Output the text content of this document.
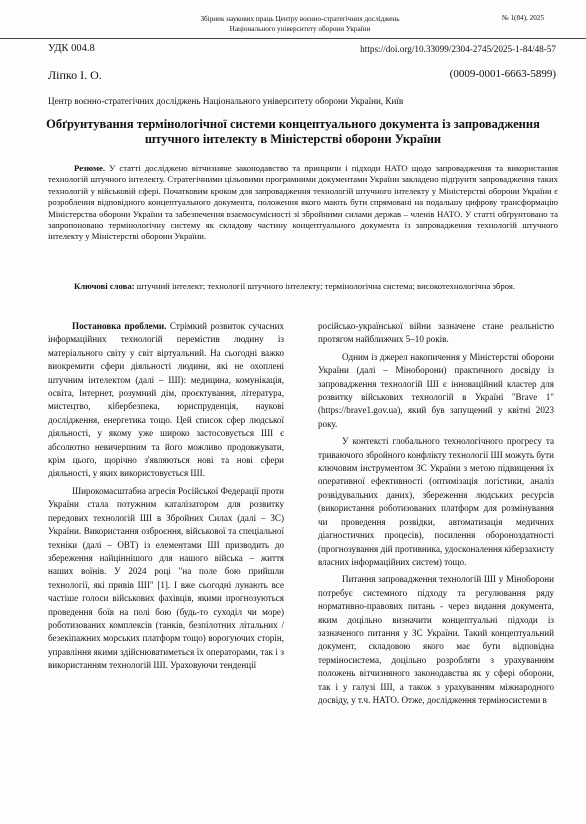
Збірник наукових праць Центру воєнно-стратегічних досліджень
Національного університету оборони України
№ 1(84), 2025
УДК 004.8	https://doi.org/10.33099/2304-2745/2025-1-84/48-57
Ліпко І. О.	(0009-0001-6663-5899)
Центр воєнно-стратегічних досліджень Національного університету оборони України, Київ
Обґрунтування термінологічної системи концептуального документа із запровадження штучного інтелекту в Міністерстві оборони України
Резюме. У статті досліджено вітчизняне законодавство та принципи і підходи НАТО щодо запровадження та використання технологій штучного інтелекту. Стратегічними цільовими програмними документами України закладено підґрунтя запровадження таких технологій у військовій сфері. Початковим кроком для запровадження технологій штучного інтелекту у Міністерстві оборони України є розроблення відповідного концептуального документа, положення якого мають бути спрямовані на подальшу цифрову трансформацію Міністерства оборони України та забезпечення взаємосумісності зі збройними силами держав – членів НАТО. У статті обґрунтовано та запропоновано термінологічну систему як складову частину концептуального документа із запровадження технологій штучного інтелекту у Міністерстві оборони України.
Ключові слова: штучний інтелект; технології штучного інтелекту; термінологічна система; високотехнологічна зброя.

Постановка проблеми. Стрімкий розвиток сучасних інформаційних технологій перемістив людину із матеріального світу у світ віртуальний. На сьогодні важко виокремити сфери діяльності людини, які не охоплені штучним інтелектом (далі – ШІ): медицина, комунікація, освіта, Інтернет, розумний дім, проєктування, література, мистецтво, кібербезпека, юриспруденція, наукові дослідження, енергетика тощо. Цей список сфер людської діяльності, у якому уже широко застосовується ШІ є абсолютно невичерпним та його можливо продовжувати, крім цього, щорічно з'являються нові та нові сфери діяльності, у яких використовується ШІ.

Широкомасштабна агресія Російської Федерації проти України стала потужним каталізатором для розвитку передових технологій ШІ в Збройних Силах (далі – ЗС) України. Використання озброєння, військової та спеціальної техніки (далі – ОВТ) із елементами ШІ призводить до збереження найціннішого для нашого війська – життя наших воїнів. У 2024 році "на поле бою прийшли технології, які привів ШІ" [1]. І вже сьогодні лунають все частіше голоси військових фахівців, якими прогнозуються проведення боїв на полі бою (будь-то суходіл чи море) роботизованих комплексів (танків, безпілотних літальних / безекіпажних морських платформ тощо) ворогуючих сторін, управління якими здійснюватиметься їх операторами, так і з використанням технологій ШІ. Ураховуючи тенденції

російсько-української війни зазначене стане реальністю протягом найближчих 5–10 років.

Одним із джерел накопичення у Міністерстві оборони України (далі – Міноборони) практичного досвіду із запровадження технологій ШІ є інноваційний кластер для розвитку військових технологій в Україні "Brave 1" (https://brave1.gov.ua), який був запущений у квітні 2023 року.

У контексті глобального технологічного прогресу та триваючого збройного конфлікту технології ШІ можуть бути ключовим інструментом ЗС України з метою підвищення їх оперативної ефективності (оптимізація логістики, аналіз розвідувальних даних), збереження людських ресурсів (використання роботизованих платформ для розмінування чи проведення розвідки, автоматизація медичних діагностичних процесів), посилення обороноздатності (прогнозування дій противника, удосконалення кіберзахисту власних інформаційних систем) тощо.

Питання запровадження технологій ШІ у Міноборони потребує системного підходу та регулювання ряду нормативно-правових питань - через видання документа, яким доцільно визначити концептуальні підходи із зазначеного питання у ЗС України. Такий концептуальний документ, складовою якого має бути відповідна терміносистема, доцільно розробляти з урахуванням положень вітчизняного законодавства як у сфері оборони, так і у галузі ШІ, а також з урахуванням міжнародного досвіду, у т.ч. НАТО. Отже, дослідження терміносистеми в
